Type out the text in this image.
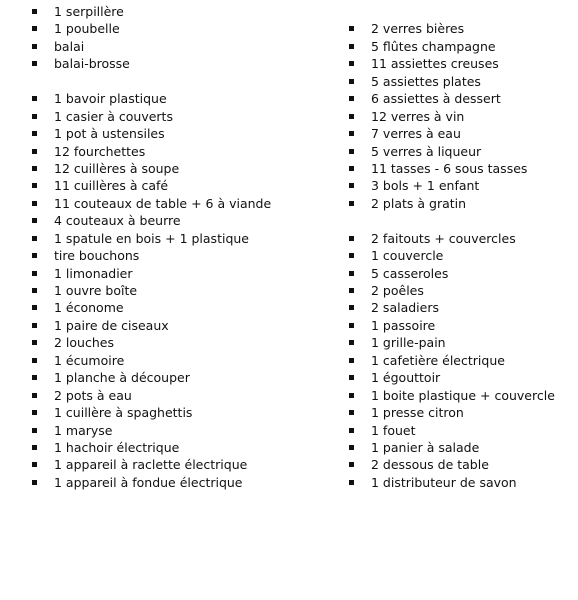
1 serpillère
1 poubelle
balai
balai-brosse
1 bavoir plastique
1 casier à couverts
1 pot à ustensiles
12 fourchettes
12 cuillères à soupe
11 cuillères à café
11 couteaux de table + 6 à viande
4 couteaux à beurre
1 spatule en bois + 1 plastique
tire bouchons
1 limonadier
1 ouvre boîte
1 économe
1 paire de ciseaux
2 louches
1 écumoire
1 planche à découper
2 pots à eau
1 cuillère à spaghettis
1 maryse
1 hachoir électrique
1 appareil à raclette électrique
1 appareil à fondue électrique
2 verres bières
5 flûtes champagne
11 assiettes creuses
5 assiettes plates
6 assiettes à dessert
12 verres à vin
7 verres à eau
5 verres à liqueur
11 tasses - 6 sous tasses
3 bols + 1 enfant
2 plats à gratin
2 faitouts + couvercles
1 couvercle
5 casseroles
2 poêles
2 saladiers
1 passoire
1 grille-pain
1 cafetière électrique
1 égouttoir
1 boite plastique + couvercle
1 presse citron
1 fouet
1 panier à salade
2 dessous de table
1 distributeur de savon
